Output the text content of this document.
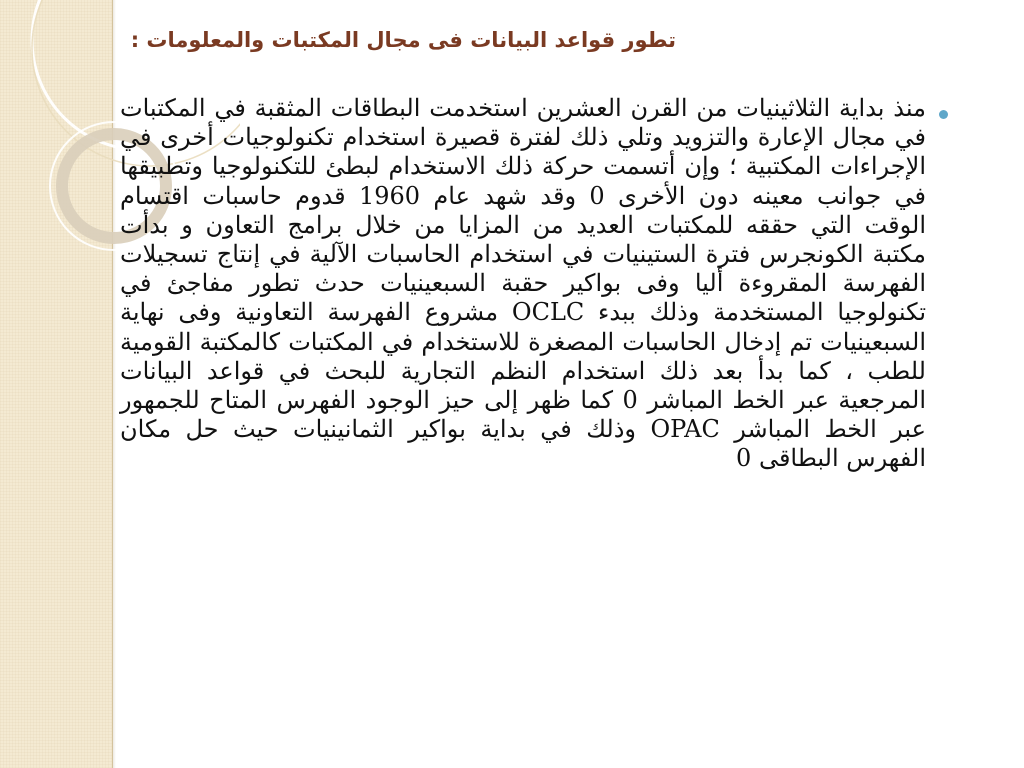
تطور قواعد البيانات فى مجال المكتبات والمعلومات :

منذ بداية الثلاثينيات من القرن العشرين استخدمت البطاقات المثقبة في المكتبات في مجال الإعارة والتزويد وتلي ذلك لفترة قصيرة استخدام تكنولوجيات أخرى في الإجراءات المكتبية ؛ وإن أتسمت حركة ذلك الاستخدام لبطئ للتكنولوجيا وتطبيقها في جوانب معينه دون الأخرى 0 وقد شهد عام 1960 قدوم حاسبات اقتسام الوقت التي حققه للمكتبات العديد من المزايا من خلال برامج التعاون و بدأت مكتبة الكونجرس فترة الستينيات في استخدام الحاسبات الآلية في إنتاج تسجيلات الفهرسة المقروءة أليا وفى بواكير حقبة السبعينيات حدث تطور مفاجئ في تكنولوجيا المستخدمة وذلك ببدء OCLC مشروع الفهرسة التعاونية وفى نهاية السبعينيات تم إدخال الحاسبات المصغرة للاستخدام في المكتبات كالمكتبة القومية للطب ، كما بدأ بعد ذلك استخدام النظم التجارية للبحث في قواعد البيانات المرجعية عبر الخط المباشر 0 كما ظهر إلى حيز الوجود الفهرس المتاح للجمهور عبر الخط المباشر OPAC وذلك في بداية بواكير الثمانينيات حيث حل مكان الفهرس البطاقى 0
